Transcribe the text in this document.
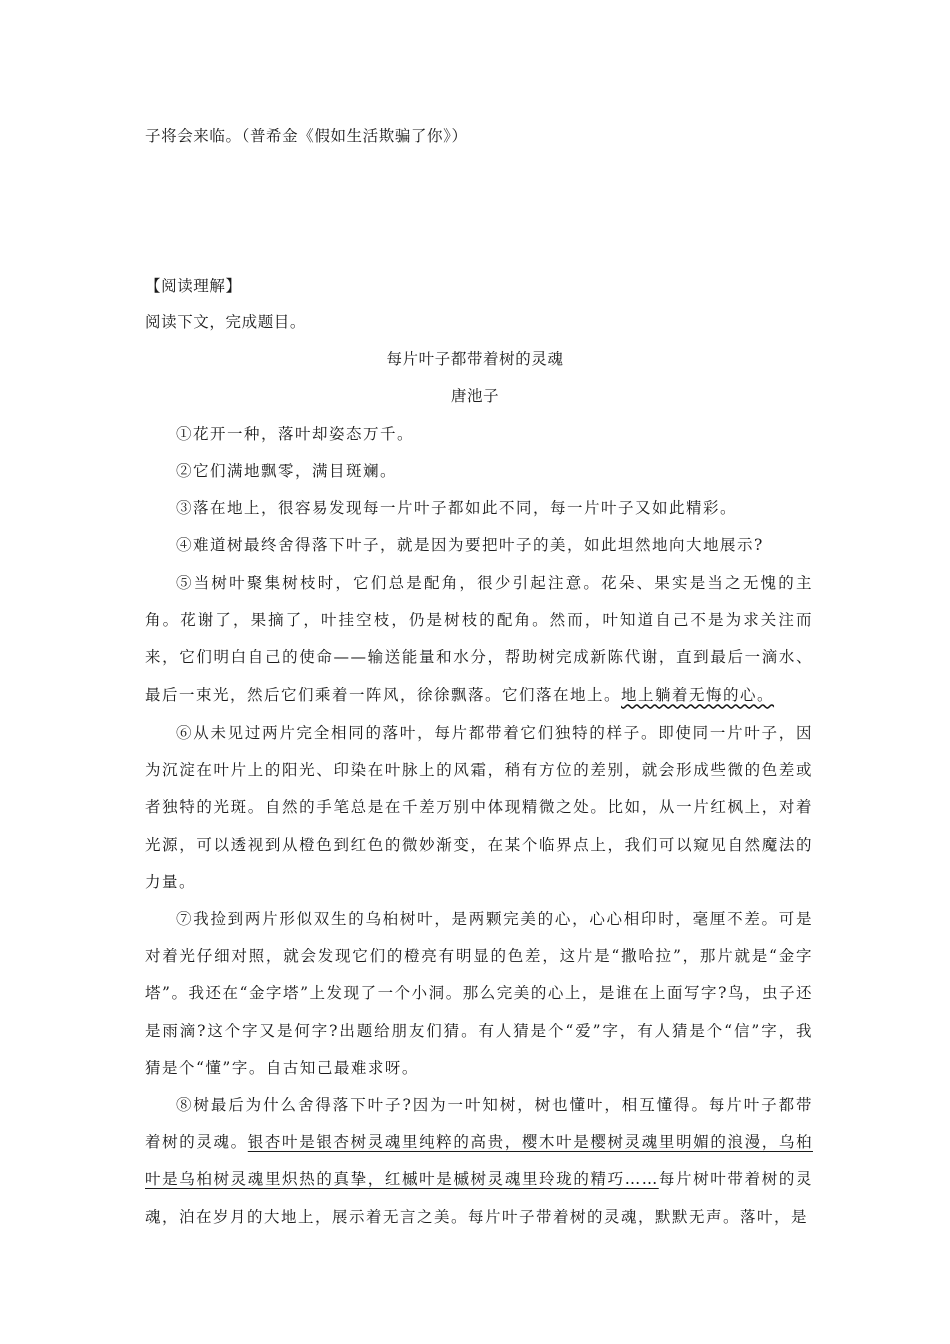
子将会来临。（普希金《假如生活欺骗了你》）
【阅读理解】
阅读下文，完成题目。
每片叶子都带着树的灵魂
唐池子
①花开一种，落叶却姿态万千。
②它们满地飘零，满目斑斓。
③落在地上，很容易发现每一片叶子都如此不同，每一片叶子又如此精彩。
④难道树最终舍得落下叶子，就是因为要把叶子的美，如此坦然地向大地展示?
⑤当树叶聚集树枝时，它们总是配角，很少引起注意。花朵、果实是当之无愧的主角。花谢了，果摘了，叶挂空枝，仍是树枝的配角。然而，叶知道自己不是为求关注而来，它们明白自己的使命——输送能量和水分，帮助树完成新陈代谢，直到最后一滴水、最后一束光，然后它们乘着一阵风，徐徐飘落。它们落在地上。地上躺着无悔的心。
⑥从未见过两片完全相同的落叶，每片都带着它们独特的样子。即使同一片叶子，因为沉淀在叶片上的阳光、印染在叶脉上的风霜，稍有方位的差别，就会形成些微的色差或者独特的光斑。自然的手笔总是在千差万别中体现精微之处。比如，从一片红枫上，对着光源，可以透视到从橙色到红色的微妙渐变，在某个临界点上，我们可以窥见自然魔法的力量。
⑦我捡到两片形似双生的乌桕树叶，是两颗完美的心，心心相印时，毫厘不差。可是对着光仔细对照，就会发现它们的橙亮有明显的色差，这片是“撒哈拉”，那片就是“金字塔”。我还在“金字塔”上发现了一个小洞。那么完美的心上，是谁在上面写字?鸟，虫子还是雨滴?这个字又是何字?出题给朋友们猜。有人猜是个“爱”字，有人猜是个“信”字，我猜是个“懂”字。自古知己最难求呀。
⑧树最后为什么舍得落下叶子?因为一叶知树，树也懂叶，相互懂得。每片叶子都带着树的灵魂。银杏叶是银杏树灵魂里纯粹的高贵，樱木叶是樱树灵魂里明媚的浪漫，乌桕叶是乌桕树灵魂里炽热的真挚，红槭叶是槭树灵魂里玲珑的精巧……每片树叶带着树的灵魂，泊在岁月的大地上，展示着无言之美。每片叶子带着树的灵魂，默默无声。落叶，是
